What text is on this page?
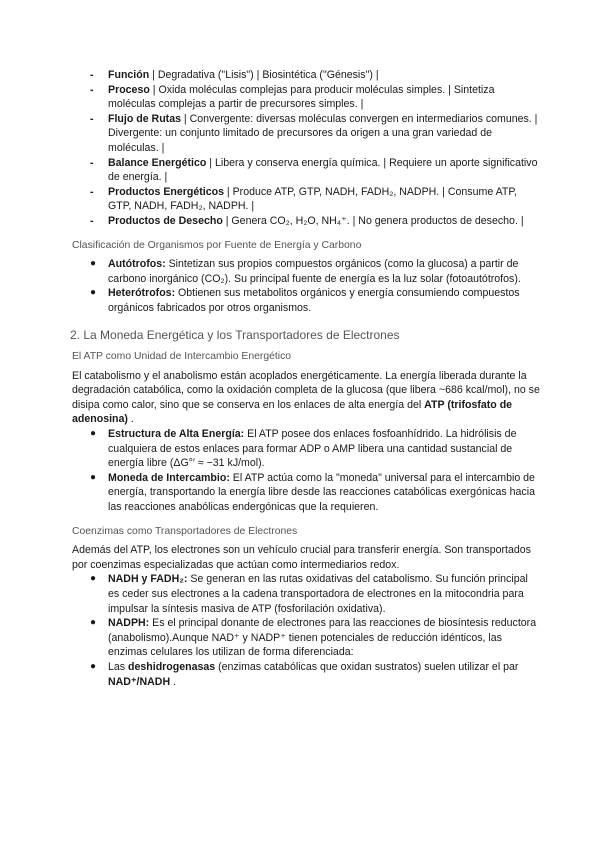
- Función | Degradativa ("Lisis") | Biosintética ("Génesis") |
- Proceso | Oxida moléculas complejas para producir moléculas simples. | Sintetiza moléculas complejas a partir de precursores simples. |
- Flujo de Rutas | Convergente: diversas moléculas convergen en intermediarios comunes. | Divergente: un conjunto limitado de precursores da origen a una gran variedad de moléculas. |
- Balance Energético | Libera y conserva energía química. | Requiere un aporte significativo de energía. |
- Productos Energéticos | Produce ATP, GTP, NADH, FADH₂, NADPH. | Consume ATP, GTP, NADH, FADH₂, NADPH. |
- Productos de Desecho | Genera CO₂, H₂O, NH₄⁺. | No genera productos de desecho. |
Clasificación de Organismos por Fuente de Energía y Carbono
● Autótrofos: Sintetizan sus propios compuestos orgánicos (como la glucosa) a partir de carbono inorgánico (CO₂). Su principal fuente de energía es la luz solar (fotoautótrofos).
● Heterótrofos: Obtienen sus metabolitos orgánicos y energía consumiendo compuestos orgánicos fabricados por otros organismos.
2. La Moneda Energética y los Transportadores de Electrones
El ATP como Unidad de Intercambio Energético

El catabolismo y el anabolismo están acoplados energéticamente. La energía liberada durante la degradación catabólica, como la oxidación completa de la glucosa (que libera ~686 kcal/mol), no se disipa como calor, sino que se conserva en los enlaces de alta energía del ATP (trifosfato de adenosina) .

● Estructura de Alta Energía: El ATP posee dos enlaces fosfoanhídrido. La hidrólisis de cualquiera de estos enlaces para formar ADP o AMP libera una cantidad sustancial de energía libre (ΔG°′ ≈ −31 kJ/mol).
● Moneda de Intercambio: El ATP actúa como la "moneda" universal para el intercambio de energía, transportando la energía libre desde las reacciones catabólicas exergónicas hacia las reacciones anabólicas endergónicas que la requieren.
Coenzimas como Transportadores de Electrones

Además del ATP, los electrones son un vehículo crucial para transferir energía. Son transportados por coenzimas especializadas que actúan como intermediarios redox.

● NADH y FADH₂: Se generan en las rutas oxidativas del catabolismo. Su función principal es ceder sus electrones a la cadena transportadora de electrones en la mitocondria para impulsar la síntesis masiva de ATP (fosforilación oxidativa).
● NADPH: Es el principal donante de electrones para las reacciones de biosíntesis reductora (anabolismo).Aunque NAD⁺ y NADP⁺ tienen potenciales de reducción idénticos, las enzimas celulares los utilizan de forma diferenciada:
● Las deshidrogenasas (enzimas catabólicas que oxidan sustratos) suelen utilizar el par NAD⁺/NADH .
